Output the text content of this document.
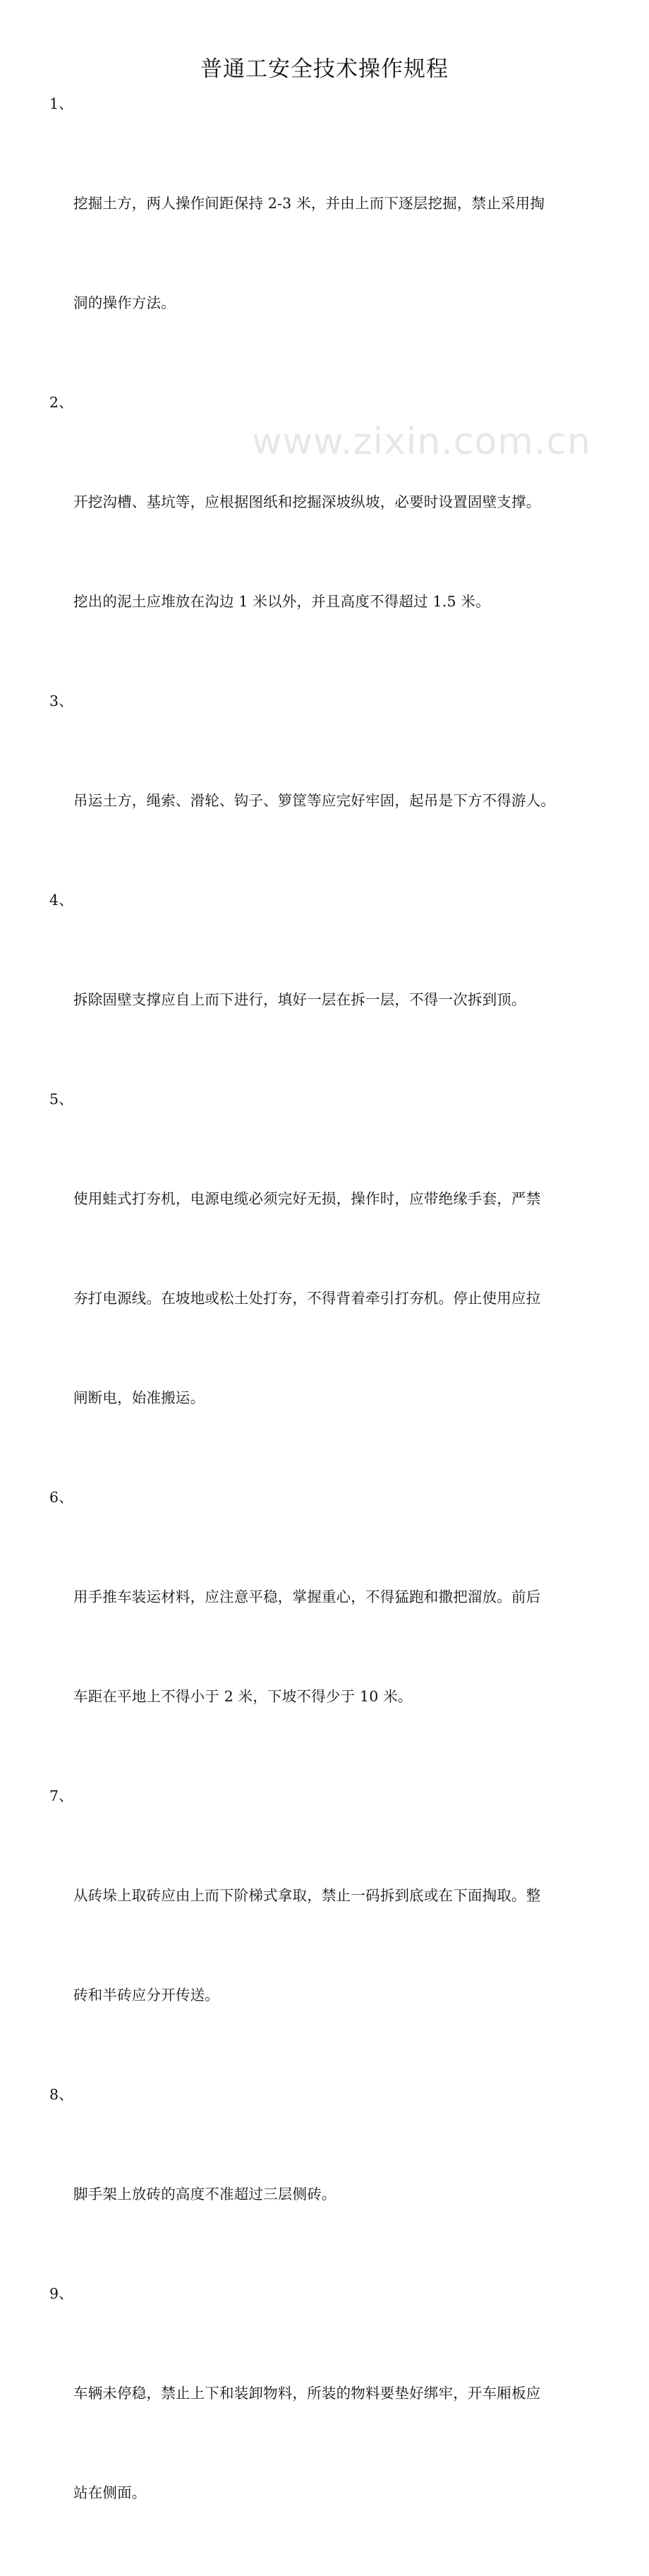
普通工安全技术操作规程

1、

挖掘土方，两人操作间距保持 2-3 米，并由上而下逐层挖掘，禁止采用掏

洞的操作方法。

2、

开挖沟槽、基坑等，应根据图纸和挖掘深坡纵坡，必要时设置固壁支撑。

挖出的泥土应堆放在沟边 1 米以外，并且高度不得超过 1.5 米。

3、

吊运土方，绳索、滑轮、钩子、箩筐等应完好牢固，起吊是下方不得游人。

4、

拆除固壁支撑应自上而下进行，填好一层在拆一层，不得一次拆到顶。

5、

使用蛙式打夯机，电源电缆必须完好无损，操作时，应带绝缘手套，严禁

夯打电源线。在坡地或松土处打夯，不得背着牵引打夯机。停止使用应拉

闸断电，始准搬运。

6、

用手推车装运材料，应注意平稳，掌握重心，不得猛跑和撒把溜放。前后

车距在平地上不得小于 2 米，下坡不得少于 10 米。

7、

从砖垛上取砖应由上而下阶梯式拿取，禁止一码拆到底或在下面掏取。整

砖和半砖应分开传送。

8、

脚手架上放砖的高度不准超过三层侧砖。

9、

车辆未停稳，禁止上下和装卸物料，所装的物料要垫好绑牢，开车厢板应

站在侧面。

www.zixin.com.cn
